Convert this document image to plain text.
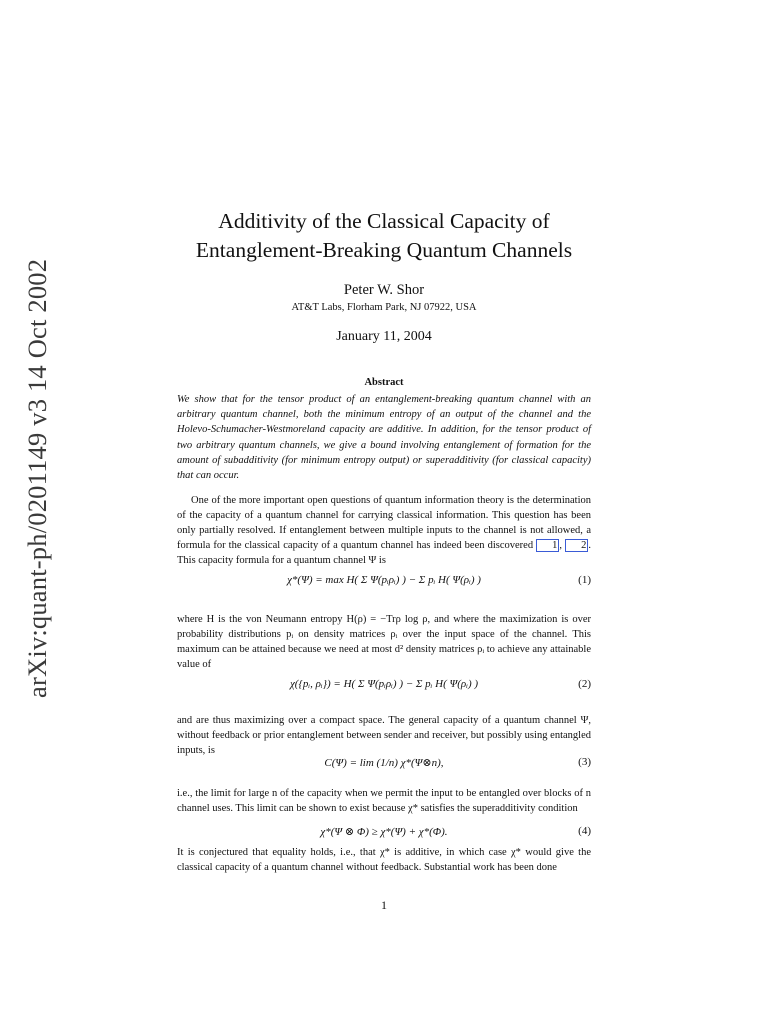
arXiv:quant-ph/0201149 v3 14 Oct 2002
Additivity of the Classical Capacity of
Entanglement-Breaking Quantum Channels
Peter W. Shor
AT&T Labs, Florham Park, NJ 07922, USA
January 11, 2004
Abstract
We show that for the tensor product of an entanglement-breaking quantum channel with an arbitrary quantum channel, both the minimum entropy of an output of the channel and the Holevo-Schumacher-Westmoreland capacity are additive. In addition, for the tensor product of two arbitrary quantum channels, we give a bound involving entanglement of formation for the amount of subadditivity (for minimum entropy output) or superadditivity (for classical capacity) that can occur.
One of the more important open questions of quantum information theory is the determination of the capacity of a quantum channel for carrying classical information. This question has been only partially resolved. If entanglement between multiple inputs to the channel is not allowed, a formula for the classical capacity of a quantum channel has indeed been discovered 1 , 2 . This capacity formula for a quantum channel Ψ is
χ*(Ψ) = max H( Σ Ψ(pᵢρᵢ) ) − Σ pᵢ H( Ψ(ρᵢ) )	(1)
where H is the von Neumann entropy H(ρ) = −Trρ log ρ, and where the maximization is over probability distributions pᵢ on density matrices ρᵢ over the input space of the channel. This maximum can be attained because we need at most d² density matrices ρᵢ to achieve any attainable value of
χ({pᵢ, ρᵢ}) = H( Σ Ψ(pᵢρᵢ) ) − Σ pᵢ H( Ψ(ρᵢ) )	(2)
and are thus maximizing over a compact space. The general capacity of a quantum channel Ψ, without feedback or prior entanglement between sender and receiver, but possibly using entangled inputs, is
C(Ψ) = lim (1/n) χ*(Ψ⊗n),	(3)
i.e., the limit for large n of the capacity when we permit the input to be entangled over blocks of n channel uses. This limit can be shown to exist because χ* satisfies the superadditivity condition
χ*(Ψ ⊗ Φ) ≥ χ*(Ψ) + χ*(Φ).	(4)
It is conjectured that equality holds, i.e., that χ* is additive, in which case χ* would give the classical capacity of a quantum channel without feedback. Substantial work has been done
1
